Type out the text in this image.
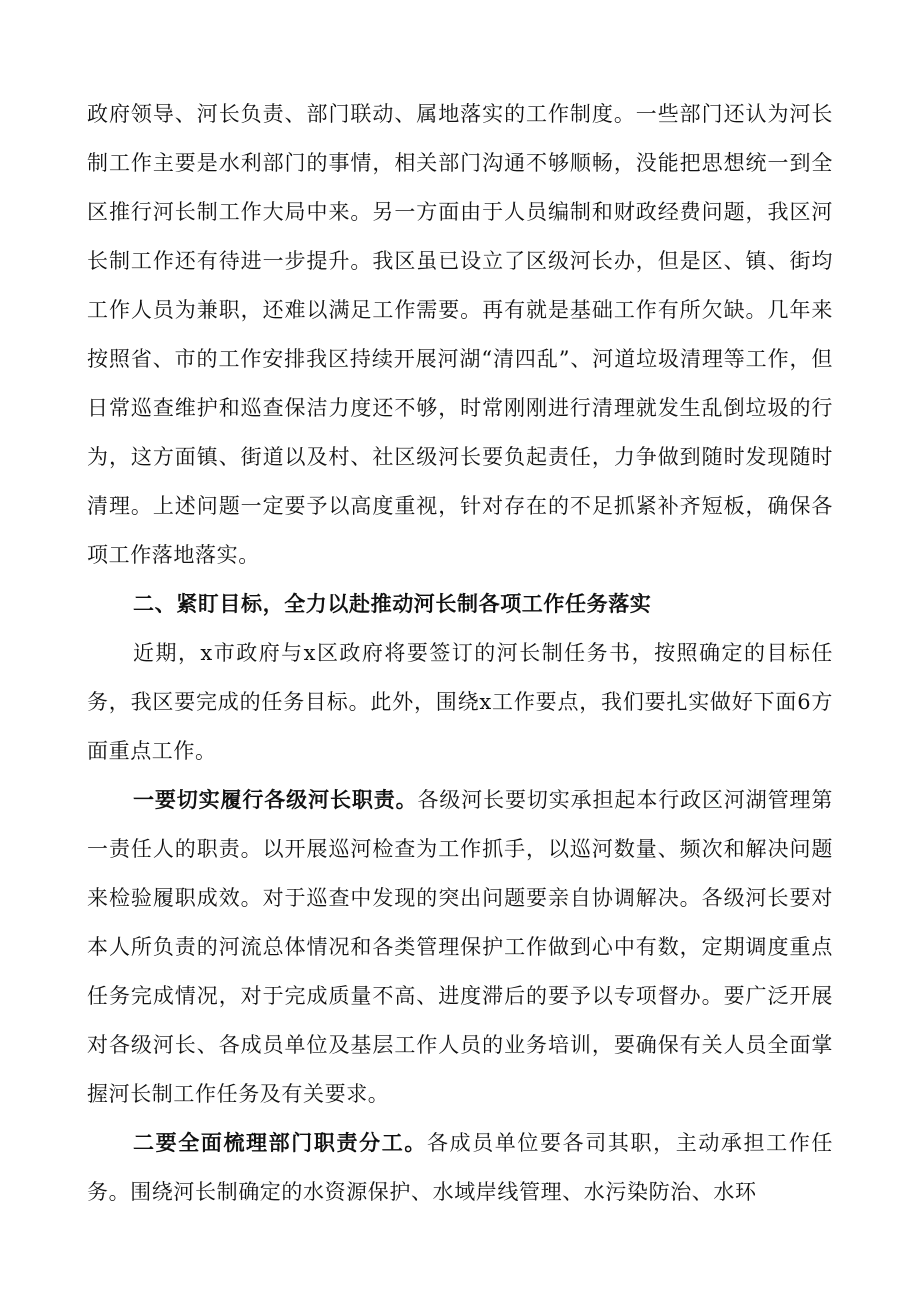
政府领导、河长负责、部门联动、属地落实的工作制度。一些部门还认为河长制工作主要是水利部门的事情，相关部门沟通不够顺畅，没能把思想统一到全区推行河长制工作大局中来。另一方面由于人员编制和财政经费问题，我区河长制工作还有待进一步提升。我区虽已设立了区级河长办，但是区、镇、街均工作人员为兼职，还难以满足工作需要。再有就是基础工作有所欠缺。几年来按照省、市的工作安排我区持续开展河湖“清四乱”、河道垃圾清理等工作，但日常巡查维护和巡查保洁力度还不够，时常刚刚进行清理就发生乱倒垃圾的行为，这方面镇、街道以及村、社区级河长要负起责任，力争做到随时发现随时清理。上述问题一定要予以高度重视，针对存在的不足抓紧补齐短板，确保各项工作落地落实。

二、紧盯目标，全力以赴推动河长制各项工作任务落实

近期，x市政府与x区政府将要签订的河长制任务书，按照确定的目标任务，我区要完成的任务目标。此外，围绕x工作要点，我们要扎实做好下面6方面重点工作。

一要切实履行各级河长职责。各级河长要切实承担起本行政区河湖管理第一责任人的职责。以开展巡河检查为工作抓手，以巡河数量、频次和解决问题来检验履职成效。对于巡查中发现的突出问题要亲自协调解决。各级河长要对本人所负责的河流总体情况和各类管理保护工作做到心中有数，定期调度重点任务完成情况，对于完成质量不高、进度滞后的要予以专项督办。要广泛开展对各级河长、各成员单位及基层工作人员的业务培训，要确保有关人员全面掌握河长制工作任务及有关要求。

二要全面梳理部门职责分工。各成员单位要各司其职，主动承担工作任务。围绕河长制确定的水资源保护、水域岸线管理、水污染防治、水环
